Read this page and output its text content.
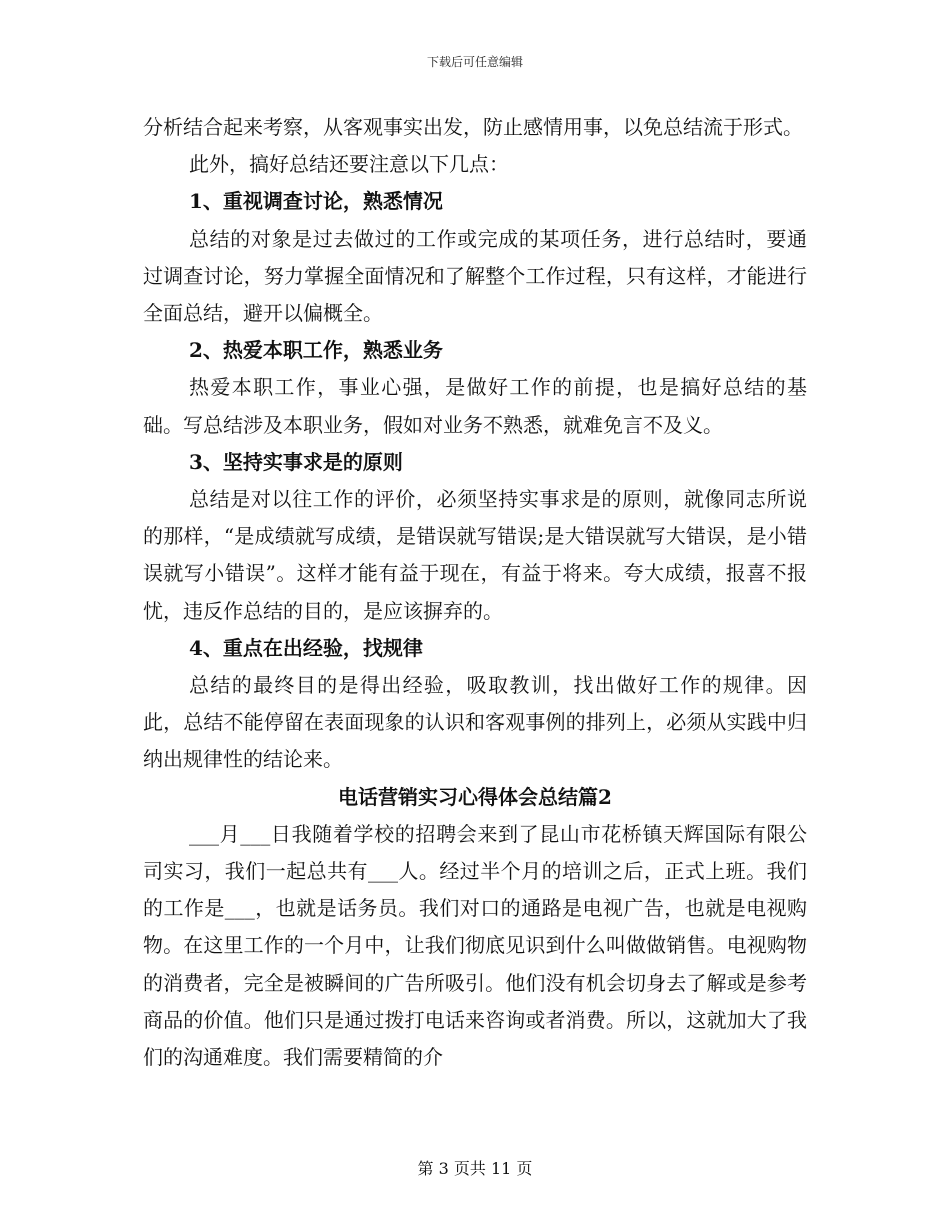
下载后可任意编辑

分析结合起来考察，从客观事实出发，防止感情用事，以免总结流于形式。

此外，搞好总结还要注意以下几点：

1、重视调查讨论，熟悉情况

总结的对象是过去做过的工作或完成的某项任务，进行总结时，要通过调查讨论，努力掌握全面情况和了解整个工作过程，只有这样，才能进行全面总结，避开以偏概全。

2、热爱本职工作，熟悉业务

热爱本职工作，事业心强，是做好工作的前提，也是搞好总结的基础。写总结涉及本职业务，假如对业务不熟悉，就难免言不及义。

3、坚持实事求是的原则

总结是对以往工作的评价，必须坚持实事求是的原则，就像同志所说的那样，“是成绩就写成绩，是错误就写错误;是大错误就写大错误，是小错误就写小错误”。这样才能有益于现在，有益于将来。夸大成绩，报喜不报忧，违反作总结的目的，是应该摒弃的。

4、重点在出经验，找规律

总结的最终目的是得出经验，吸取教训，找出做好工作的规律。因此，总结不能停留在表面现象的认识和客观事例的排列上，必须从实践中归纳出规律性的结论来。

电话营销实习心得体会总结篇2

___月___日我随着学校的招聘会来到了昆山市花桥镇天辉国际有限公司实习，我们一起总共有___人。经过半个月的培训之后，正式上班。我们的工作是___，也就是话务员。我们对口的通路是电视广告，也就是电视购物。在这里工作的一个月中，让我们彻底见识到什么叫做做销售。电视购物的消费者，完全是被瞬间的广告所吸引。他们没有机会切身去了解或是参考商品的价值。他们只是通过拨打电话来咨询或者消费。所以，这就加大了我们的沟通难度。我们需要精简的介

第 3 页共 11 页
